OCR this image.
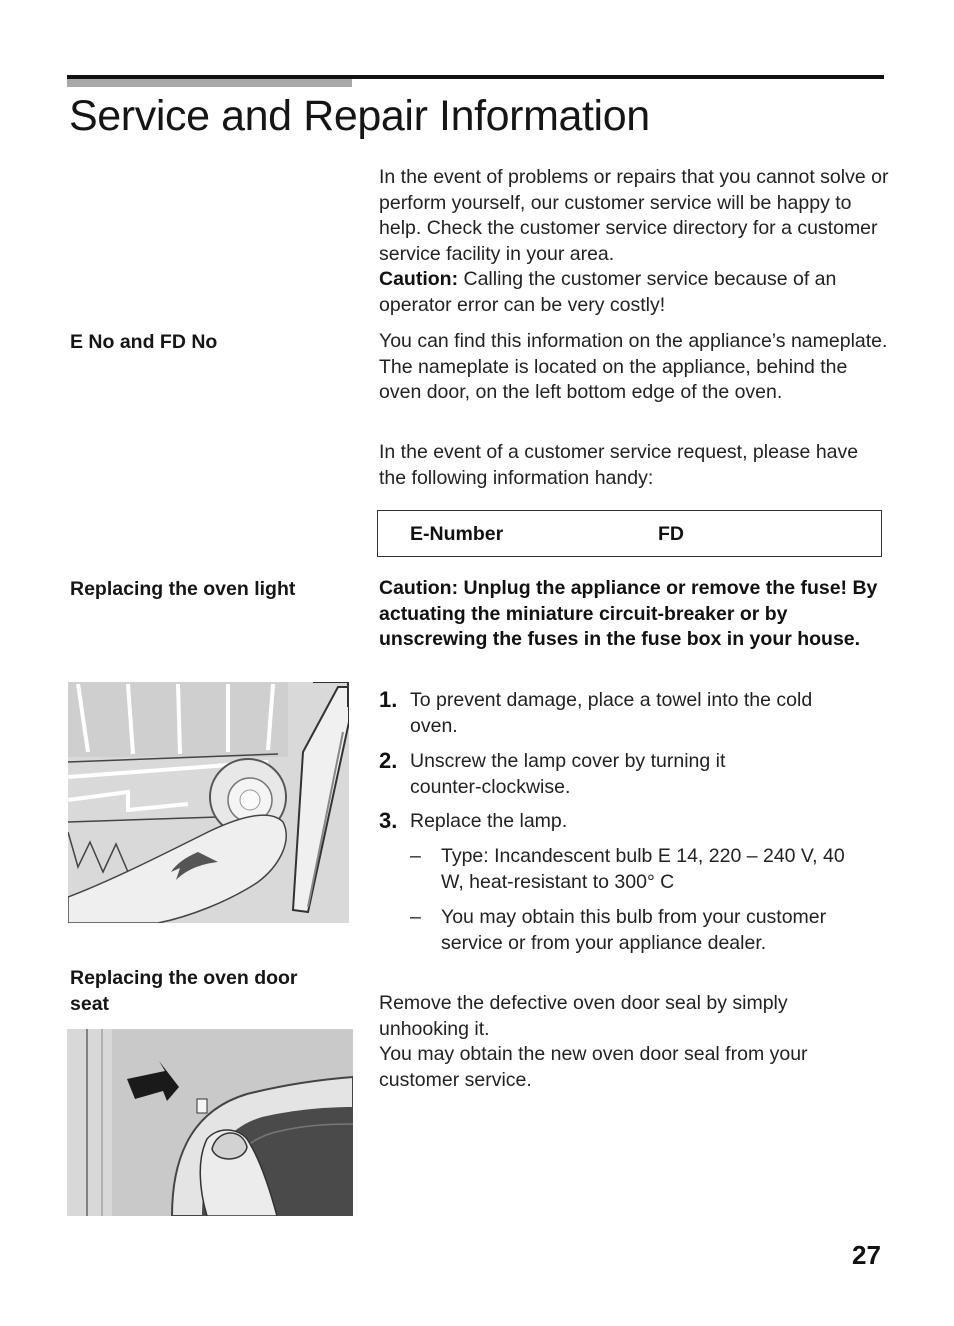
Service and Repair Information

In the event of problems or repairs that you cannot solve or perform yourself, our customer service will be happy to help. Check the customer service directory for a customer service facility in your area.
Caution: Calling the customer service because of an operator error can be very costly!

E No and FD No	You can find this information on the appliance’s nameplate. The nameplate is located on the appliance, behind the oven door, on the left bottom edge of the oven.

In the event of a customer service request, please have the following information handy:

E-Number	FD
Replacing the oven light	Caution: Unplug the appliance or remove the fuse! By actuating the miniature circuit-breaker or by unscrewing the fuses in the fuse box in your house.
1. To prevent damage, place a towel into the cold oven.
2. Unscrew the lamp cover by turning it counter-clockwise.
3. Replace the lamp.
– Type: Incandescent bulb E 14, 220 – 240 V, 40 W, heat-resistant to 300° C
– You may obtain this bulb from your customer service or from your appliance dealer.
Replacing the oven door seat	Remove the defective oven door seal by simply unhooking it.

You may obtain the new oven door seal from your customer service.

27
